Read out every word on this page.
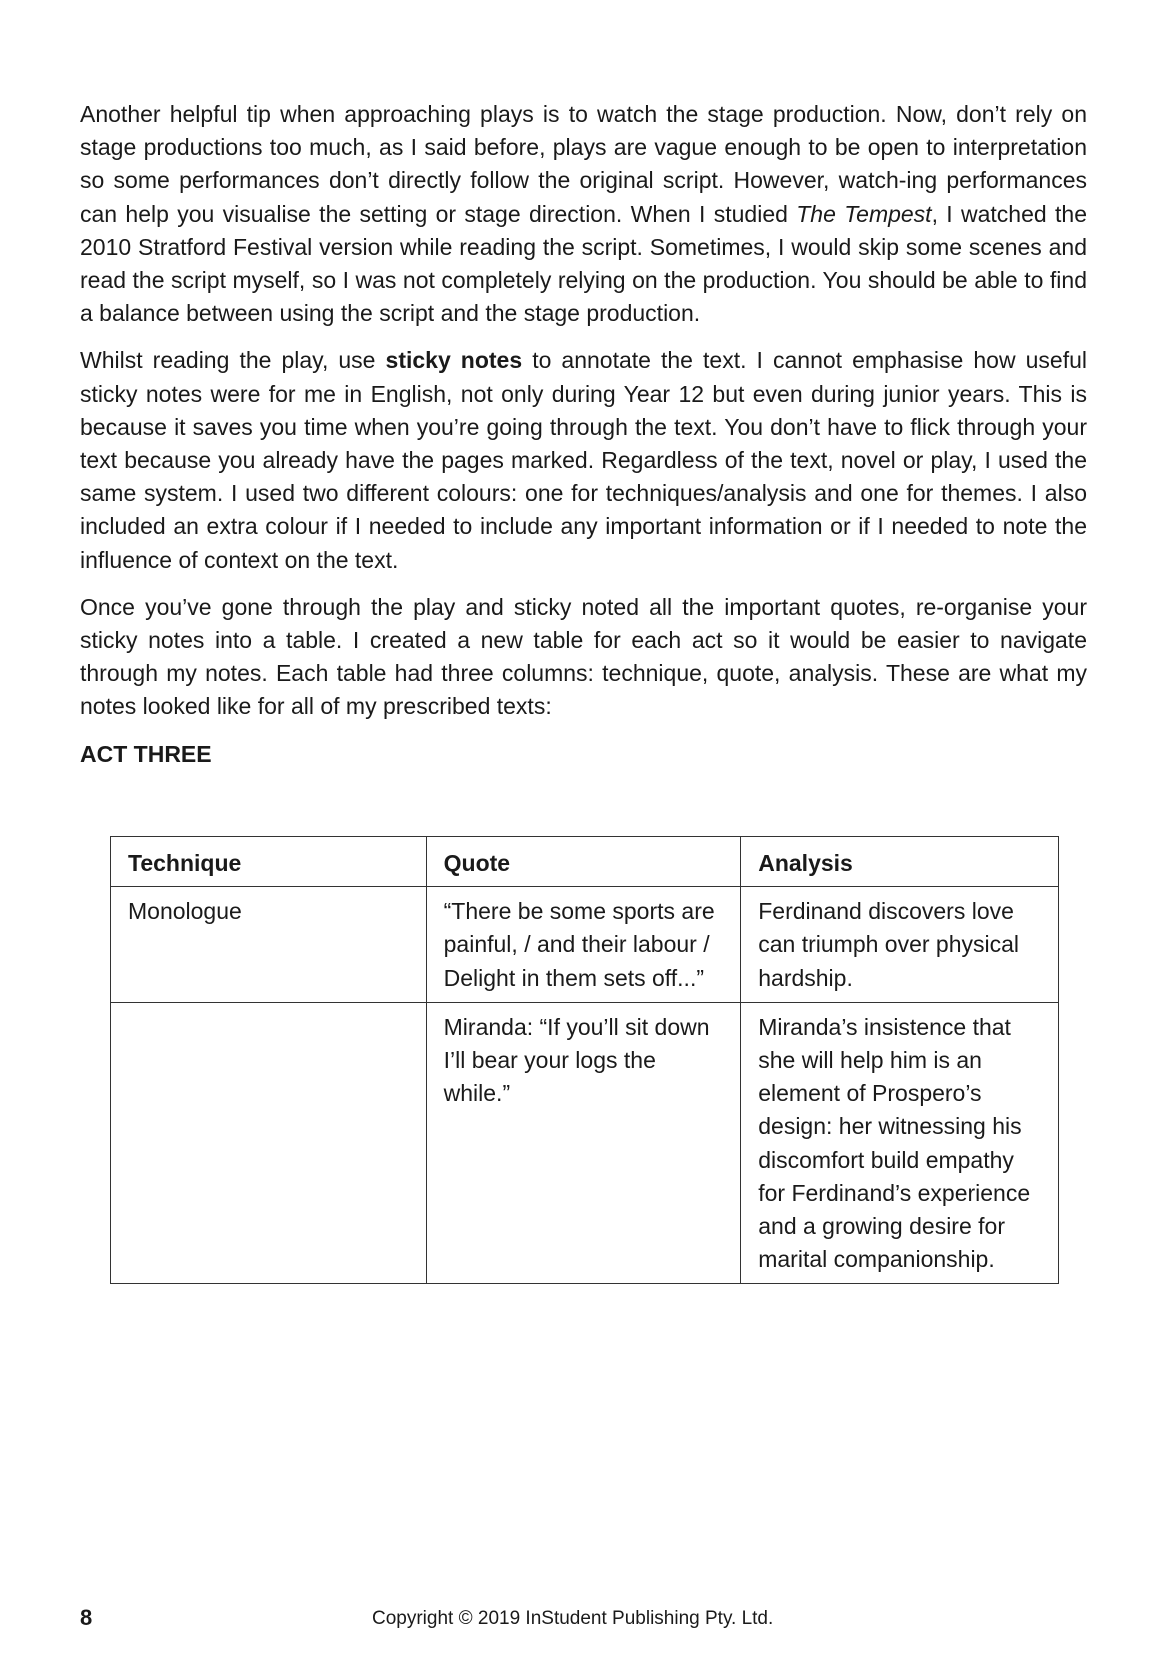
Another helpful tip when approaching plays is to watch the stage production. Now, don’t rely on stage productions too much, as I said before, plays are vague enough to be open to interpretation so some performances don’t directly follow the original script. However, watch-ing performances can help you visualise the setting or stage direction. When I studied The Tempest, I watched the 2010 Stratford Festival version while reading the script. Sometimes, I would skip some scenes and read the script myself, so I was not completely relying on the production. You should be able to find a balance between using the script and the stage production.

Whilst reading the play, use sticky notes to annotate the text. I cannot emphasise how useful sticky notes were for me in English, not only during Year 12 but even during junior years. This is because it saves you time when you’re going through the text. You don’t have to flick through your text because you already have the pages marked. Regardless of the text, novel or play, I used the same system. I used two different colours: one for techniques/analysis and one for themes. I also included an extra colour if I needed to include any important information or if I needed to note the influence of context on the text.

Once you’ve gone through the play and sticky noted all the important quotes, re-organise your sticky notes into a table. I created a new table for each act so it would be easier to navigate through my notes. Each table had three columns: technique, quote, analysis. These are what my notes looked like for all of my prescribed texts:

ACT THREE
Technique	Quote	Analysis
Monologue	“There be some sports are painful, / and their labour / Delight in them sets off...”	Ferdinand discovers love can triumph over physical hardship.
	Miranda: “If you’ll sit down I’ll bear your logs the while.”	Miranda’s insistence that she will help him is an element of Prospero’s design: her witnessing his discomfort build empathy for Ferdinand’s experience and a growing desire for marital companionship.
8	Copyright © 2019 InStudent Publishing Pty. Ltd.
